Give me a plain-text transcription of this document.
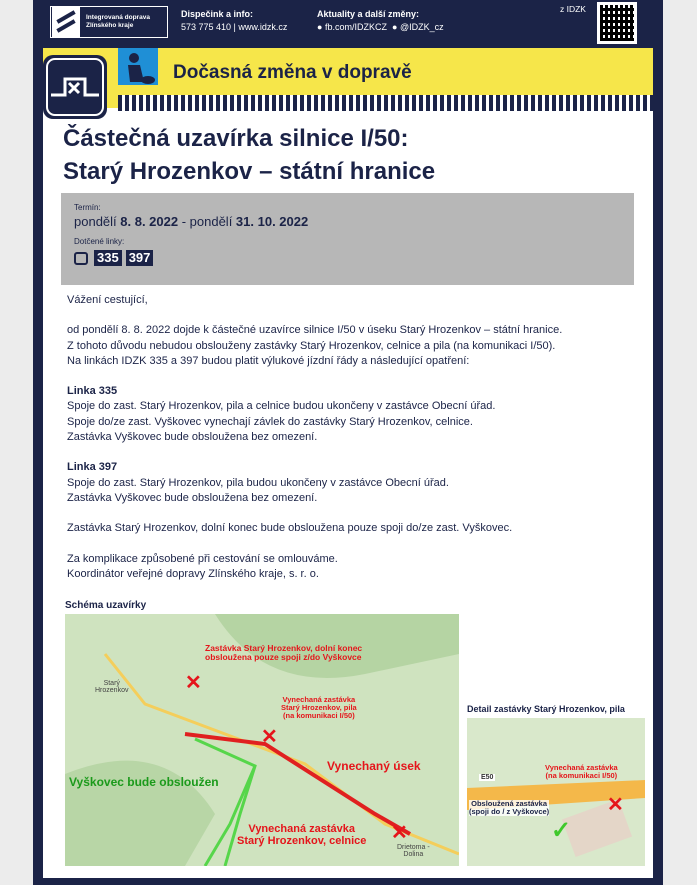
Integrovaná doprava Zlínského kraje
Dispečink a info:
573 775 410 | www.idzk.cz
Aktuality a další změny:
● fb.com/IDZKCZ ● @IDZK_cz
z IDZK
Dočasná změna v dopravě
Částečná uzavírka silnice I/50:
Starý Hrozenkov – státní hranice
Termín:
pondělí 8. 8. 2022 - pondělí 31. 10. 2022
Dotčené linky:
335 397

Vážení cestující,

od pondělí 8. 8. 2022 dojde k částečné uzavírce silnice I/50 v úseku Starý Hrozenkov – státní hranice.
Z tohoto důvodu nebudou obslouženy zastávky Starý Hrozenkov, celnice a pila (na komunikaci I/50).
Na linkách IDZK 335 a 397 budou platit výlukové jízdní řády a následující opatření:

Linka 335

Spoje do zast. Starý Hrozenkov, pila a celnice budou ukončeny v zastávce Obecní úřad.
Spoje do/ze zast. Vyškovec vynechají závlek do zastávky Starý Hrozenkov, celnice.
Zastávka Vyškovec bude obsloužena bez omezení.

Linka 397

Spoje do zast. Starý Hrozenkov, pila budou ukončeny v zastávce Obecní úřad.
Zastávka Vyškovec bude obsloužena bez omezení.

Zastávka Starý Hrozenkov, dolní konec bude obsloužena pouze spoji do/ze zast. Vyškovec.

Za komplikace způsobené při cestování se omlouváme.
Koordinátor veřejné dopravy Zlínského kraje, s. r. o.

Schéma uzavírky
✕
✕
✕
Zastávka Starý Hrozenkov, dolní konec
obsloužena pouze spoji z/do Vyškovce
Vynechaná zastávka
Starý Hrozenkov, pila
(na komunikaci I/50)
Vynechaný úsek
Vyškovec bude obsloužen
Vynechaná zastávka
Starý Hrozenkov, celnice
Starý
Hrozenkov
Drietoma -
Dolina
Detail zastávky Starý Hrozenkov, pila
E50
✕
Vynechaná zastávka
(na komunikaci I/50)
Obsloužená zastávka
(spoji do / z Vyškovce)
✓
